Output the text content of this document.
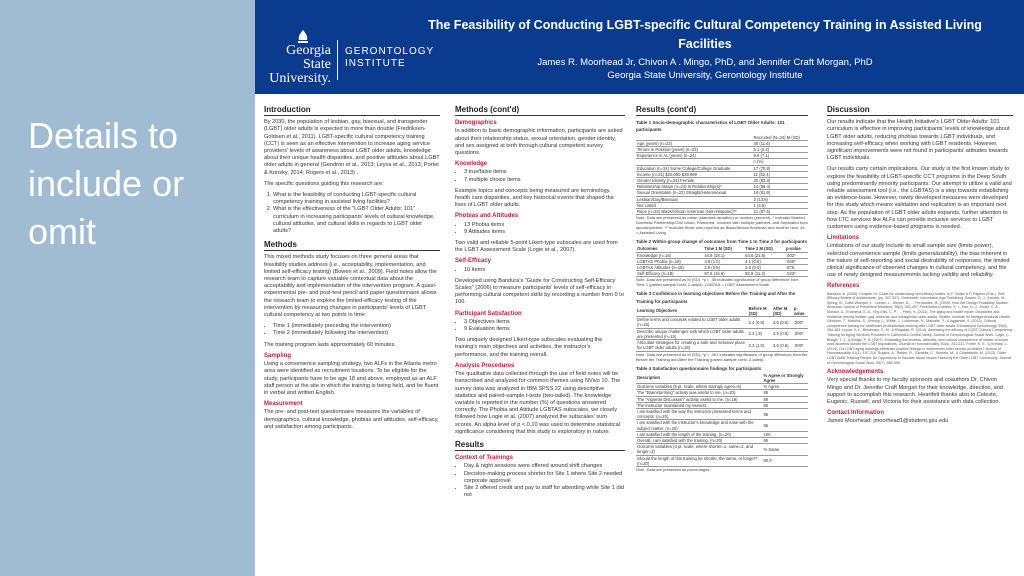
Details to include or omit
Georgia State University.
GERONTOLOGY INSTITUTE
The Feasibility of Conducting LGBT-specific Cultural Competency Training in Assisted Living Facilities
James R. Moorhead Jr, Chivon A . Mingo, PhD, and Jennifer Craft Morgan, PhD
Georgia State University, Gerontology Institute
Introduction

By 2030, the population of lesbian, gay, bisexual, and transgender (LGBT) older adults is expected to more than double (Fredriksen-Goldsen et al., 2011). LGBT-specific cultural competency training (CCT) is seen as an effective intervention to increase aging service providers' levels of awareness about LGBT older adults, knowledge about their unique health disparities, and positive attitudes about LGBT older adults in general (Gendron et al., 2013; Leyva et al., 2013; Porter & Krinsky, 2014; Rogers et al., 2013) .

The specific questions guiding this research are:

1. What is the feasibility of conducting LGBT-specific cultural competency training in assisted living facilities?
2. What is the effectiveness of the "LGBT Older Adults: 101" curriculum in increasing participants' levels of cultural knowledge, cultural attitudes, and cultural skills in regards to LGBT older adults?
Methods

This mixed methods study focuses on three general areas that feasibility studies address (i.e., acceptability, implementation, and limited self-efficacy testing) (Bowen et al., 2009). Field notes allow the research team to capture valuable contextual data about the acceptability and implementation of the intervention program. A quasi-experimental pre- and post-test pencil and paper questionnaire allows the research team to explore the limited-efficacy testing of the intervention by measuring changes in participants' levels of LGBT cultural competency at two points in time:

• Time 1 (immediately preceding the intervention)
• Time 2 (immediately following the intervention)

The training program lasts approximately 60 minutes.

Sampling

Using a convenience sampling strategy, two ALFs in the Atlanta metro area were identified as recruitment locations. To be eligible for the study, participants have to be age 18 and above, employed as an ALF staff person at the site in which the training is being held, and be fluent in verbal and written English.

Measurement

The pre- and post-test questionnaire measures the variables of demographics, cultural knowledge, phobias and attitudes, self-efficacy, and satisfaction among participants.

Methods (cont'd)
Demographics

In addition to basic demographic information, participants are asked about their relationship status, sexual orientation, gender identity, and sex assigned at birth through cultural competent survey questions.

Knowledge
• 3 true/false items
• 7 multiple choice items

Example topics and concepts being measured are terminology, health care disparities, and key historical events that shaped the lives of LGBT older adults.

Phobias and Attitudes
• 13 Phobia items
• 9 Attitudes items

Two valid and reliable 5-point Likert-type subscales are used from the LGBT Assessment Scale (Logie et al., 2007).

Self-Efficacy
• 10 items

Developed using Bandura's "Guide for Constructing Self-Efficacy Scales" (2006) to measure participants' levels of self-efficacy in performing cultural competent skills by recording a number from 0 to 100.

Participant Satisfaction
• 3 Objectives items
• 9 Evaluation items

Two uniquely designed Likert-type subscales evaluating the training's main objectives and activities, the instructor's performance, and the training overall.

Analysis Procedures

The qualitative data collected through the use of field notes will be transcribed and analyzed for common themes using NVivo 10. The survey data was analyzed in IBM SPSS 22 using descriptive statistics and paired-sample t-tests (two-tailed). The knowledge variable is reported in the number (%) of questions answered correctly. The Phobia and Attitude LGBTAS subscales, we closely followed how Logie et al. (2007) analyzed the subscales' sum scores. An alpha level of p < 0.10 was used to determine statistical significance considering that this study is exploratory in nature.

Results
Context of Trainings
• Day & night sessions were offered around shift changes
• Decision-making process shorter for Site 1 where Site 2 needed corporate approval
• Site 2 offered credit and pay to staff for attending while Site 1 did not
Results (cont'd)
Table 1 Socio-demographic characteristics of LGBT Older Adults: 101 participants
	Recruited (N=24) M (SD)
Age (years) (n=23)	40 (11.6)
Tenure in Position (years) (n=23)	5.1 (4.4)
Experience in AL (years) (n=24)	9.6 (7.1)
	n (%)
Education (n=24) Some College/College Graduate	17 (70.8)
Income (n=21) $20,000-$39,999	11 (52.4)
Gender Identity (n=24) Female	20 (83.3)
Relationship Status (n=24) In Relationship(s)*	14 (58.4)
Sexual Orientation (n=22) Straight/Heterosexual	18 (81.8)
Lesbian/Gay/Bisexual	3 (13.6)
Not Listed	1 (4.5)
Race (n=24) Black/African American (Non-Hispanic)**	21 (87.5)
Note. Data are presented as mean (standard deviation) or number (percent). * Includes Married, Domestic Partnership/Civil Union, Partnered, Involved with multiple partners, and Separated from spouse/partner. ** Includes those who reported as Black/African American and another race. AL = Assisted Living
Table 2 Within-group change of outcomes from Time 1 to Time 2 for participants
Outcomes	Time 1 M (SD)	Time 2 M (SD)	p-value
Knowledge (n=16)	44.6 (18.1)	64.6 (21.6)	.002*
LGBTAS Phobia (n=18)	3.9 (1.0)	4.1 (0.8)	.045*
LGBTAS Attitudes (n=18)	3.9 (0.9)	3.9 (0.9)	.876
Self-Efficacy (n=18)	87.6 (15.6)	92.8 (11.3)	.023*
Note. Data are presented as M (SD). *p < .05 indicates significance of group difference from Time 1 (paired-sample t-test, 2-tailed). LGBTAS = LGBT Assessment Scale.
Table 3 Confidence in learning objectives Before the Training and After the Training for participants
Learning Objectives	Before M (SD)	After M (SD)	p-value
Define terms and concepts related to LGBT older adults (n=16)	2.4 (0.8)	3.6 (0.5)	.000*
Describe unique challenges with which LGBT older adults are presented (n=15)	2.3 (.9)	3.5 (0.5)	.000*
Articulate strategies for creating a safe and inclusive place for LGBT older adults (n=16)	2.3 (1.0)	3.6 (0.6)	.000*
Note. Data are presented as M (SD). *p < .001 indicates significance of group difference from the Before the Training and After the Training (paired-sample t-test, 2-tailed).
Table 4 Satisfaction questionnaire findings for participants
Description	% Agree or Strongly Agree
Outcome variables (5 pt. scale, where strongly agree=5)	% Agree
The "Brainstorming" activity was useful to me. (n=20)	85
The "Vignette Discussion" activity useful to me. (n=19)	89
The instructor maintained my interest.	90
I am satisfied with the way the instructor presented terms and concepts. (n=20)	95
I am satisfied with the instructor's knowledge and ease with the subject matter. (n=20)	95
I am satisfied with the length of the training. (n=20)	100
Overall, I am satisfied with the training. (n=20)	95
Outcome variables (3 pt. scale, where shorter=1, same=2, and longer=3)	% Same
Should the length of this training be shorter, the same, or longer? (n=20)	60.0
Note. Data are presented as percentages.
Discussion

Our results indicate that the Health Initiative's LGBT Older Adults: 101 curriculum is effective in improving participants' levels of knowledge about LGBT older adults, reducing phobias towards LGBT individuals, and increasing self-efficacy when working with LGBT residents. However, significant improvements were not found in participants' attitudes towards LGBT individuals.

Our results carry certain implications. Our study is the first known study to explore the feasibility of LGBT-specific CCT programs in the Deep South using predominantly minority participants. Our attempt to utilize a valid and reliable assessment tool (i.e., the LGBTAS) is a step towards establishing an evidence-base. However, newly developed measures were developed for this study which means validation and replication is an important next step. As the population of LGBT older adults expands, further attention to how LTC services like ALFs can provide inclusive services to LGBT customers using evidence-based programs is needed.

Limitations

Limitations of our study include its small sample size (limits power), selected convenience sample (limits generalizability), the bias inherent in the nature of self-reporting and social desirability of responses, the limited clinical significance of observed changes in cultural competency, and the use of newly designed measurements lacking validity and reliability.

References

Bandura, A. (2006). Chapter 14: Guide for constructing self-efficacy scales. In F. Urdan & F. Pajares (Eds.), Self-Efficacy Beliefs of Adolescents, (pp. 307-337). Greenwich: Information Age Publishing. Bowen, D. J., Kreuter, M., Spring, B., Cofta-Woerpel, L., Linnan, L., Weiner, D., ... Fernandez, M. (2009). How We Design Feasibility Studies. American Journal of Preventive Medicine, 36(5), 452-457. Fredriksen-Goldsen, K. I., Kim, H.-J., Emlet, C. A., Muraco, A., Erosheva, E. A., Hoy-Ellis, C. P., ... Petry, H. (2011). The aging and health report: Disparities and resilience among lesbian, gay, bisexual, and transgender older adults. Seattle: Institute for Multigenerational Health. Gendron, T., Maddux, S., Krinsky, L., White, J., Lockeman, K., Metcalfe, Y., & Aggarwal, S. (2013). Cultural competence training for healthcare professionals working with LGBT older adults. Educational Gerontology, 39(6), 454-463. Leyva, V. L., Breshears, E. M., & Ringstad, R. (2014). Assessing the efficacy of LGBT Cultural Competency Training for Aging Services Providers in California's Central Valley. Journal of Gerontological Social Work. Logie, C., Bridge, T. J., & Bridge, P. D. (2007). Evaluating the phobias, attitudes, and cultural competence of master of social work students toward the LGBT populations. Journal of Homosexuality, 53(4), 201-221. Porter, K. E., & Krinsky, L. (2014). Do LGBT aging trainings effectuate positive change in mainstream elder service providers? Journal of Homosexuality, 61(1), 197-216. Rogers, A., Rebbe, R., Gardella, C., Worlein, M., & Chamberlin, M. (2013). Older LGBT Adult Training Panels: An Opportunity to Educate About Issues Faced by the Older LGBT Community. Journal of Gerontological Social Work, 56(7), 580-595.

Acknowledgements

Very special thanks to my faculty sponsors and coauthors Dr. Chivon Mingo and Dr. Jennifer Craft Morgan for their knowledge, direction, and support to accomplish this research. Heartfelt thanks also to Celeste, Eugenic, Russell, and Victoria for their assistance with data collection.

Contact Information

James Moorhead: jmoorhead1@student.gsu.edu
